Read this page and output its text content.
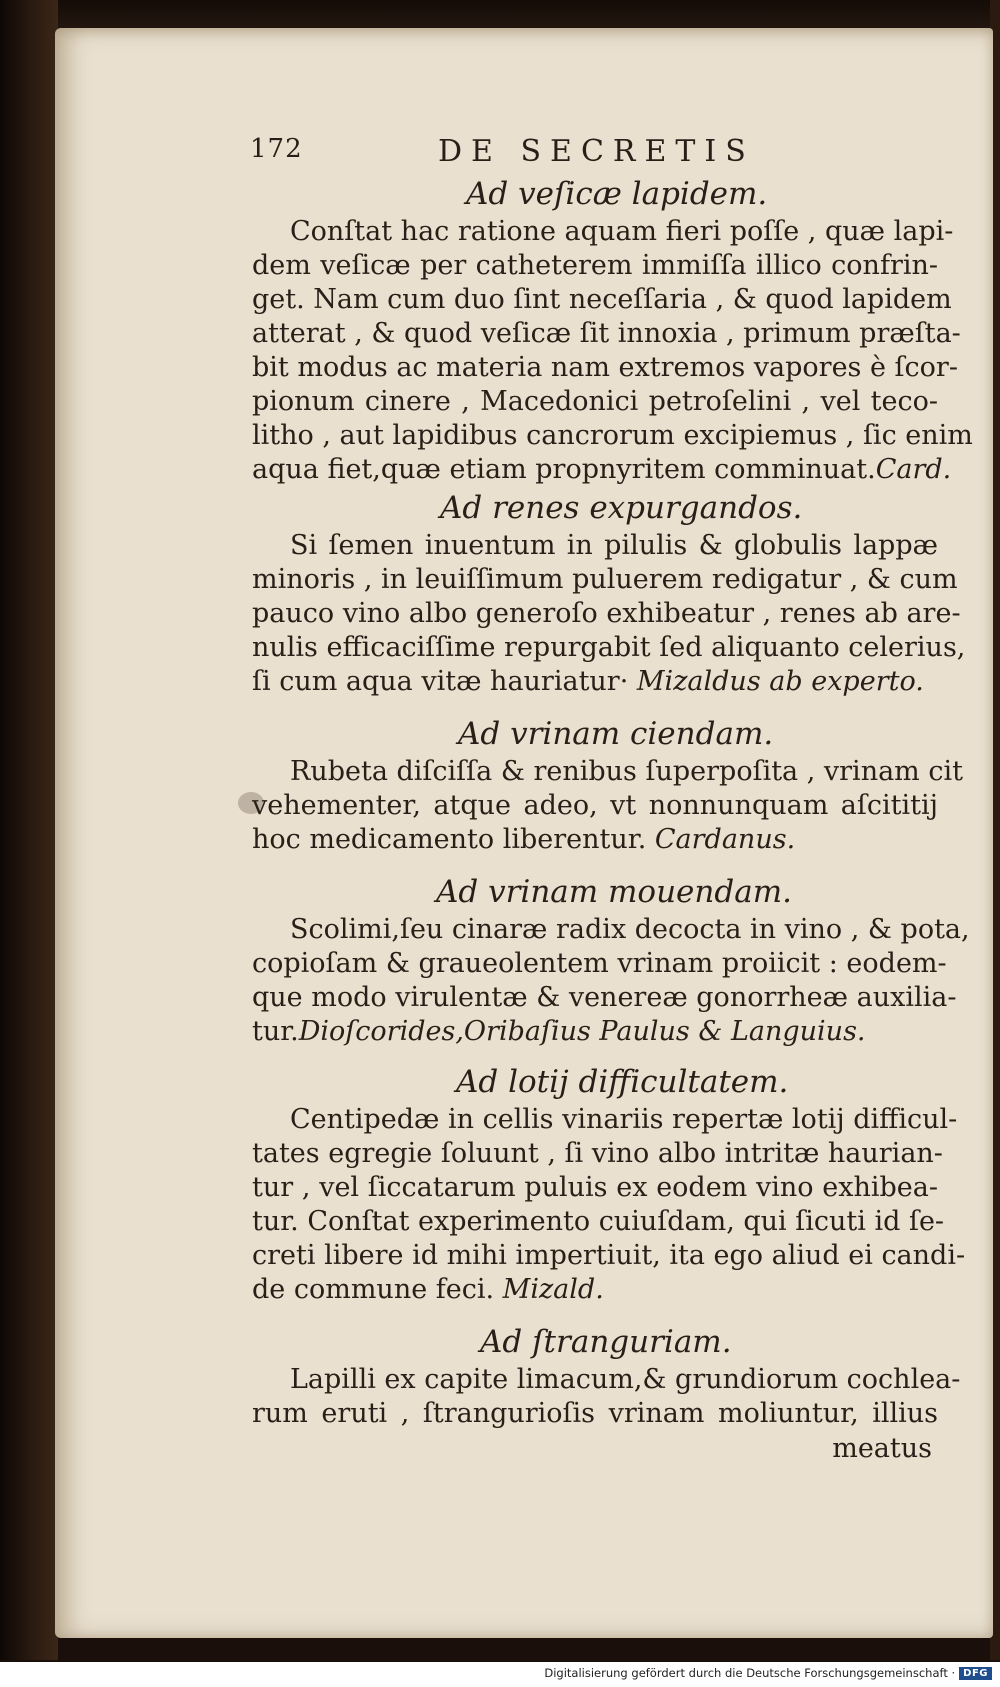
172	DE SECRETIS
Ad veſicæ lapidem.
Conſtat hac ratione aquam fieri poſſe , quæ lapi-
dem veſicæ per catheterem immiſſa illico confrin-
get. Nam cum duo ſint neceſſaria , & quod lapidem
atterat , & quod veſicæ ſit innoxia , primum præſta-
bit modus ac materia nam extremos vapores è ſcor-
pionum cinere , Macedonici petroſelini , vel teco-
litho , aut lapidibus cancrorum excipiemus , ſic enim
aqua fiet,quæ etiam propnyritem comminuat.Card.
Ad renes expurgandos.
Si ſemen inuentum in pilulis & globulis lappæ
minoris , in leuiſſimum puluerem redigatur , & cum
pauco vino albo generoſo exhibeatur , renes ab are-
nulis efficaciſſime repurgabit ſed aliquanto celerius,
ſi cum aqua vitæ hauriatur· Mizaldus ab experto.
Ad vrinam ciendam.
Rubeta diſciſſa & renibus ſuperpoſita , vrinam cit
vehementer, atque adeo, vt nonnunquam aſcititij
hoc medicamento liberentur. Cardanus.
Ad vrinam mouendam.
Scolimi,ſeu cinaræ radix decocta in vino , & pota,
copioſam & graueolentem vrinam proiicit : eodem-
que modo virulentæ & venereæ gonorrheæ auxilia-
tur.Dioſcorides,Oribaſius Paulus & Languius.
Ad lotij difficultatem.
Centipedæ in cellis vinariis repertæ lotij difficul-
tates egregie ſoluunt , ſi vino albo intritæ haurian-
tur , vel ſiccatarum puluis ex eodem vino exhibea-
tur. Conſtat experimento cuiuſdam, qui ſicuti id ſe-
creti libere id mihi impertiuit, ita ego aliud ei candi-
de commune feci. Mizald.
Ad ſtranguriam.
Lapilli ex capite limacum,& grundiorum cochlea-
rum eruti , ſtrangurioſis vrinam moliuntur, illius
meatus
Digitalisierung gefördert durch die Deutsche Forschungsgemeinschaft · DFG
